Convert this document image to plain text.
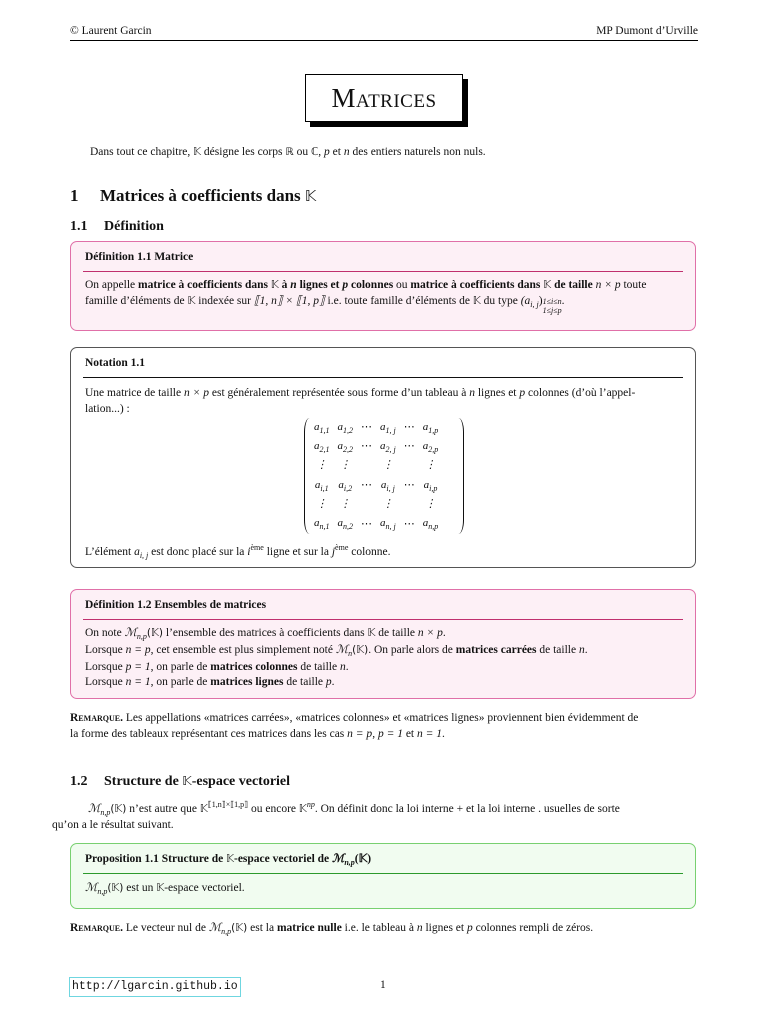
© Laurent Garcin	MP Dumont d’Urville
Matrices
Dans tout ce chapitre, 𝕂 désigne les corps ℝ ou ℂ, p et n des entiers naturels non nuls.
1 Matrices à coefficients dans 𝕂
1.1 Définition
Définition 1.1 Matrice
On appelle matrice à coefficients dans 𝕂 à n lignes et p colonnes ou matrice à coefficients dans 𝕂 de taille n × p toute
famille d’éléments de 𝕂 indexée sur ⟦1, n⟧ × ⟦1, p⟧ i.e. toute famille d’éléments de 𝕂 du type $(a_{i, j})1\le i\le n$
1≤j≤p.
Notation 1.1
Une matrice de taille n × p est généralement représentée sous forme d’un tableau à n lignes et p colonnes (d’où l’appel-
lation...) :
L’élément $a_{i, j}$ est donc placé sur la $i^{ème}$ ligne et sur la $j^{ème}$ colonne.
$a_{1,1}$	$a_{1,2}$	⋯	$a_{1, j}$	⋯	$a_{1,p}$
$a_{2,1}$	$a_{2,2}$	⋯	$a_{2, j}$	⋯	$a_{2,p}$
⋮	⋮		⋮		⋮
$a_{i,1}$	$a_{i,2}$	⋯	$a_{i, j}$	⋯	$a_{i,p}$
⋮	⋮		⋮		⋮
$a_{n,1}$	$a_{n,2}$	⋯	$a_{n, j}$	⋯	$a_{n,p}$
Définition 1.2 Ensembles de matrices
On note ℳ$_{n,p}$(𝕂) l’ensemble des matrices à coefficients dans 𝕂 de taille n × p.
Lorsque n = p, cet ensemble est plus simplement noté ℳ$_n$(𝕂). On parle alors de matrices carrées de taille n.
Lorsque p = 1, on parle de matrices colonnes de taille n.
Lorsque n = 1, on parle de matrices lignes de taille p.
Remarque. Les appellations «matrices carrées», «matrices colonnes» et «matrices lignes» proviennent bien évidemment de
la forme des tableaux représentant ces matrices dans les cas n = p, p = 1 et n = 1.
1.2 Structure de 𝕂-espace vectoriel
ℳ$_{n,p}$(𝕂) n’est autre que 𝕂$^{⟦1,n⟧\times⟦1,p⟧}$ ou encore 𝕂$^{np}$. On définit donc la loi interne + et la loi interne . usuelles de sorte
qu’on a le résultat suivant.
Proposition 1.1 Structure de 𝕂-espace vectoriel de ℳ$_{n,p}$(𝕂)
ℳ$_{n,p}$(𝕂) est un 𝕂-espace vectoriel.
Remarque. Le vecteur nul de ℳ$_{n,p}$(𝕂) est la matrice nulle i.e. le tableau à n lignes et p colonnes rempli de zéros.
http://lgarcin.github.io	1
